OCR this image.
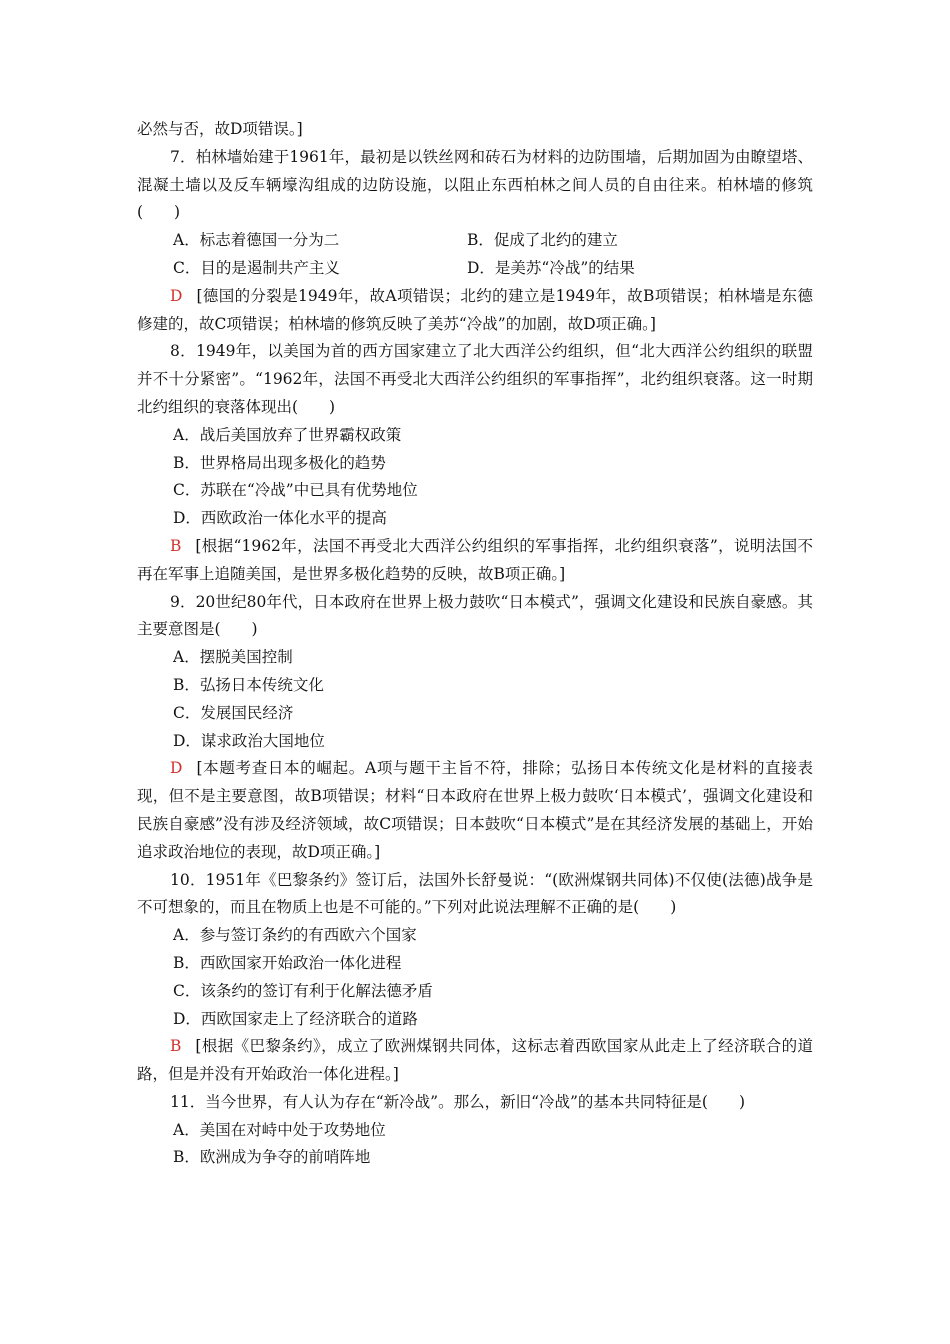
必然与否，故D项错误。]

7．柏林墙始建于1961年，最初是以铁丝网和砖石为材料的边防围墙，后期加固为由瞭望塔、混凝土墙以及反车辆壕沟组成的边防设施，以阻止东西柏林之间人员的自由往来。柏林墙的修筑(　　)

A．标志着德国一分为二	B．促成了北约的建立
C．目的是遏制共产主义	D．是美苏“冷战”的结果

D [德国的分裂是1949年，故A项错误；北约的建立是1949年，故B项错误；柏林墙是东德修建的，故C项错误；柏林墙的修筑反映了美苏“冷战”的加剧，故D项正确。]

8．1949年，以美国为首的西方国家建立了北大西洋公约组织，但“北大西洋公约组织的联盟并不十分紧密”。“1962年，法国不再受北大西洋公约组织的军事指挥”，北约组织衰落。这一时期北约组织的衰落体现出(　　)

A．战后美国放弃了世界霸权政策

B．世界格局出现多极化的趋势

C．苏联在“冷战”中已具有优势地位

D．西欧政治一体化水平的提高

B [根据“1962年，法国不再受北大西洋公约组织的军事指挥，北约组织衰落”，说明法国不再在军事上追随美国，是世界多极化趋势的反映，故B项正确。]

9．20世纪80年代，日本政府在世界上极力鼓吹“日本模式”，强调文化建设和民族自豪感。其主要意图是(　　)

A．摆脱美国控制

B．弘扬日本传统文化

C．发展国民经济

D．谋求政治大国地位

D [本题考查日本的崛起。A项与题干主旨不符，排除；弘扬日本传统文化是材料的直接表现，但不是主要意图，故B项错误；材料“日本政府在世界上极力鼓吹‘日本模式’，强调文化建设和民族自豪感”没有涉及经济领域，故C项错误；日本鼓吹“日本模式”是在其经济发展的基础上，开始追求政治地位的表现，故D项正确。]

10．1951年《巴黎条约》签订后，法国外长舒曼说：“(欧洲煤钢共同体)不仅使(法德)战争是不可想象的，而且在物质上也是不可能的。”下列对此说法理解不正确的是(　　)

A．参与签订条约的有西欧六个国家

B．西欧国家开始政治一体化进程

C．该条约的签订有利于化解法德矛盾

D．西欧国家走上了经济联合的道路

B [根据《巴黎条约》，成立了欧洲煤钢共同体，这标志着西欧国家从此走上了经济联合的道路，但是并没有开始政治一体化进程。]

11．当今世界，有人认为存在“新冷战”。那么，新旧“冷战”的基本共同特征是(　　)

A．美国在对峙中处于攻势地位

B．欧洲成为争夺的前哨阵地
